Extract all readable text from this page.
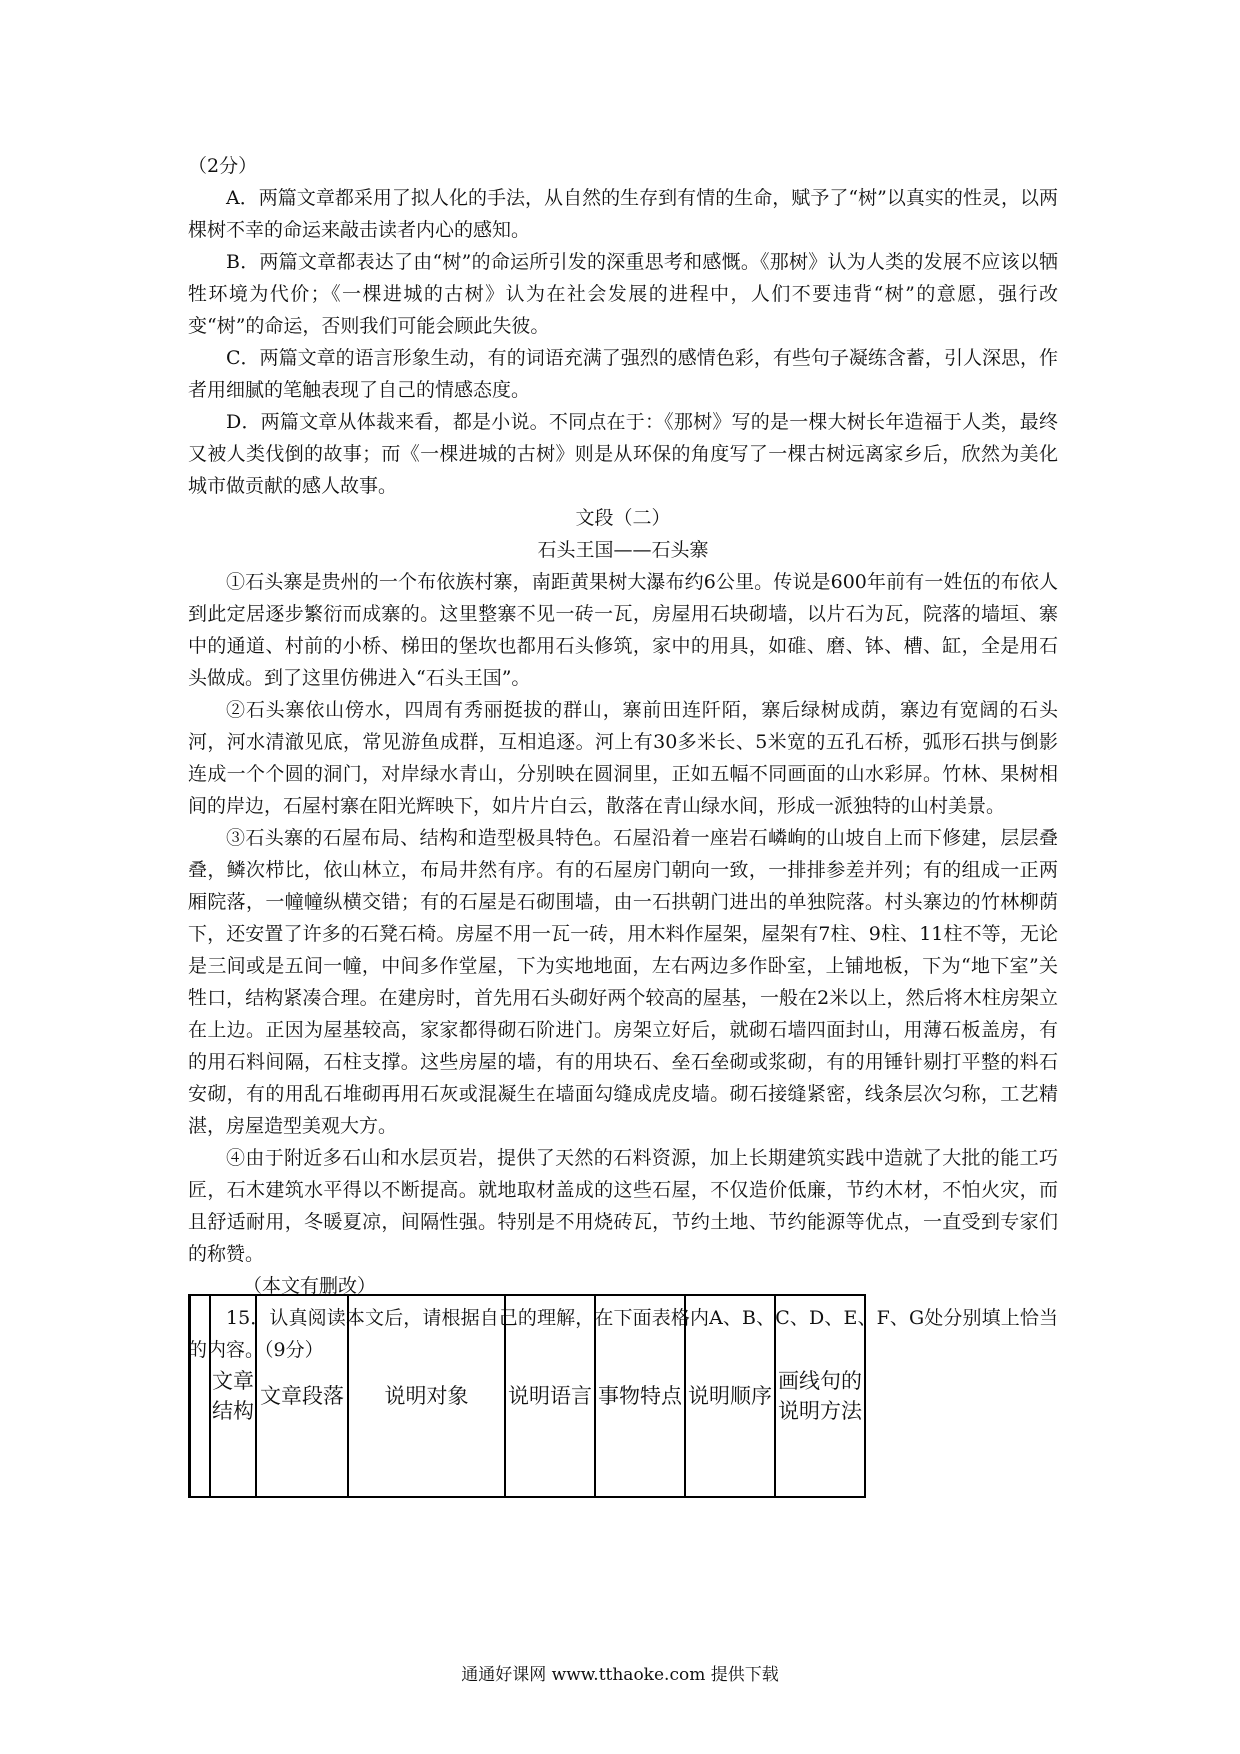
（2分）

A．两篇文章都采用了拟人化的手法，从自然的生存到有情的生命，赋予了“树”以真实的性灵，以两棵树不幸的命运来敲击读者内心的感知。

B．两篇文章都表达了由“树”的命运所引发的深重思考和感慨。《那树》认为人类的发展不应该以牺牲环境为代价；《一棵进城的古树》认为在社会发展的进程中，人们不要违背“树”的意愿，强行改变“树”的命运，否则我们可能会顾此失彼。

C．两篇文章的语言形象生动，有的词语充满了强烈的感情色彩，有些句子凝练含蓄，引人深思，作者用细腻的笔触表现了自己的情感态度。

D．两篇文章从体裁来看，都是小说。不同点在于：《那树》写的是一棵大树长年造福于人类，最终又被人类伐倒的故事；而《一棵进城的古树》则是从环保的角度写了一棵古树远离家乡后，欣然为美化城市做贡献的感人故事。

文段（二）

石头王国——石头寨

①石头寨是贵州的一个布依族村寨，南距黄果树大瀑布约6公里。传说是600年前有一姓伍的布依人到此定居逐步繁衍而成寨的。这里整寨不见一砖一瓦，房屋用石块砌墙，以片石为瓦，院落的墙垣、寨中的通道、村前的小桥、梯田的堡坎也都用石头修筑，家中的用具，如碓、磨、钵、槽、缸，全是用石头做成。到了这里仿佛进入“石头王国”。

②石头寨依山傍水，四周有秀丽挺拔的群山，寨前田连阡陌，寨后绿树成荫，寨边有宽阔的石头河，河水清澈见底，常见游鱼成群，互相追逐。河上有30多米长、5米宽的五孔石桥，弧形石拱与倒影连成一个个圆的洞门，对岸绿水青山，分别映在圆洞里，正如五幅不同画面的山水彩屏。竹林、果树相间的岸边，石屋村寨在阳光辉映下，如片片白云，散落在青山绿水间，形成一派独特的山村美景。

③石头寨的石屋布局、结构和造型极具特色。石屋沿着一座岩石嶙峋的山坡自上而下修建，层层叠叠，鳞次栉比，依山林立，布局井然有序。有的石屋房门朝向一致，一排排参差并列；有的组成一正两厢院落，一幢幢纵横交错；有的石屋是石砌围墙，由一石拱朝门进出的单独院落。村头寨边的竹林柳荫下，还安置了许多的石凳石椅。房屋不用一瓦一砖，用木料作屋架，屋架有7柱、9柱、11柱不等，无论是三间或是五间一幢，中间多作堂屋，下为实地地面，左右两边多作卧室，上铺地板，下为“地下室”关牲口，结构紧凑合理。在建房时，首先用石头砌好两个较高的屋基，一般在2米以上，然后将木柱房架立在上边。正因为屋基较高，家家都得砌石阶进门。房架立好后，就砌石墙四面封山，用薄石板盖房，有的用石料间隔，石柱支撑。这些房屋的墙，有的用块石、垒石垒砌或浆砌，有的用锤针剔打平整的料石安砌，有的用乱石堆砌再用石灰或混凝生在墙面勾缝成虎皮墙。砌石接缝紧密，线条层次匀称，工艺精湛，房屋造型美观大方。

④由于附近多石山和水层页岩，提供了天然的石料资源，加上长期建筑实践中造就了大批的能工巧匠，石木建筑水平得以不断提高。就地取材盖成的这些石屋，不仅造价低廉，节约木材，不怕火灾，而且舒适耐用，冬暖夏凉，间隔性强。特别是不用烧砖瓦，节约土地、节约能源等优点，一直受到专家们的称赞。

（本文有删改）

15．认真阅读本文后，请根据自己的理解，在下面表格内A、B、C、D、E、F、G处分别填上恰当的内容。（9分）

	文章结构	文章段落	说明对象	说明语言	事物特点	说明顺序	画线句的说明方法
通通好课网 www.tthaoke.com 提供下载
